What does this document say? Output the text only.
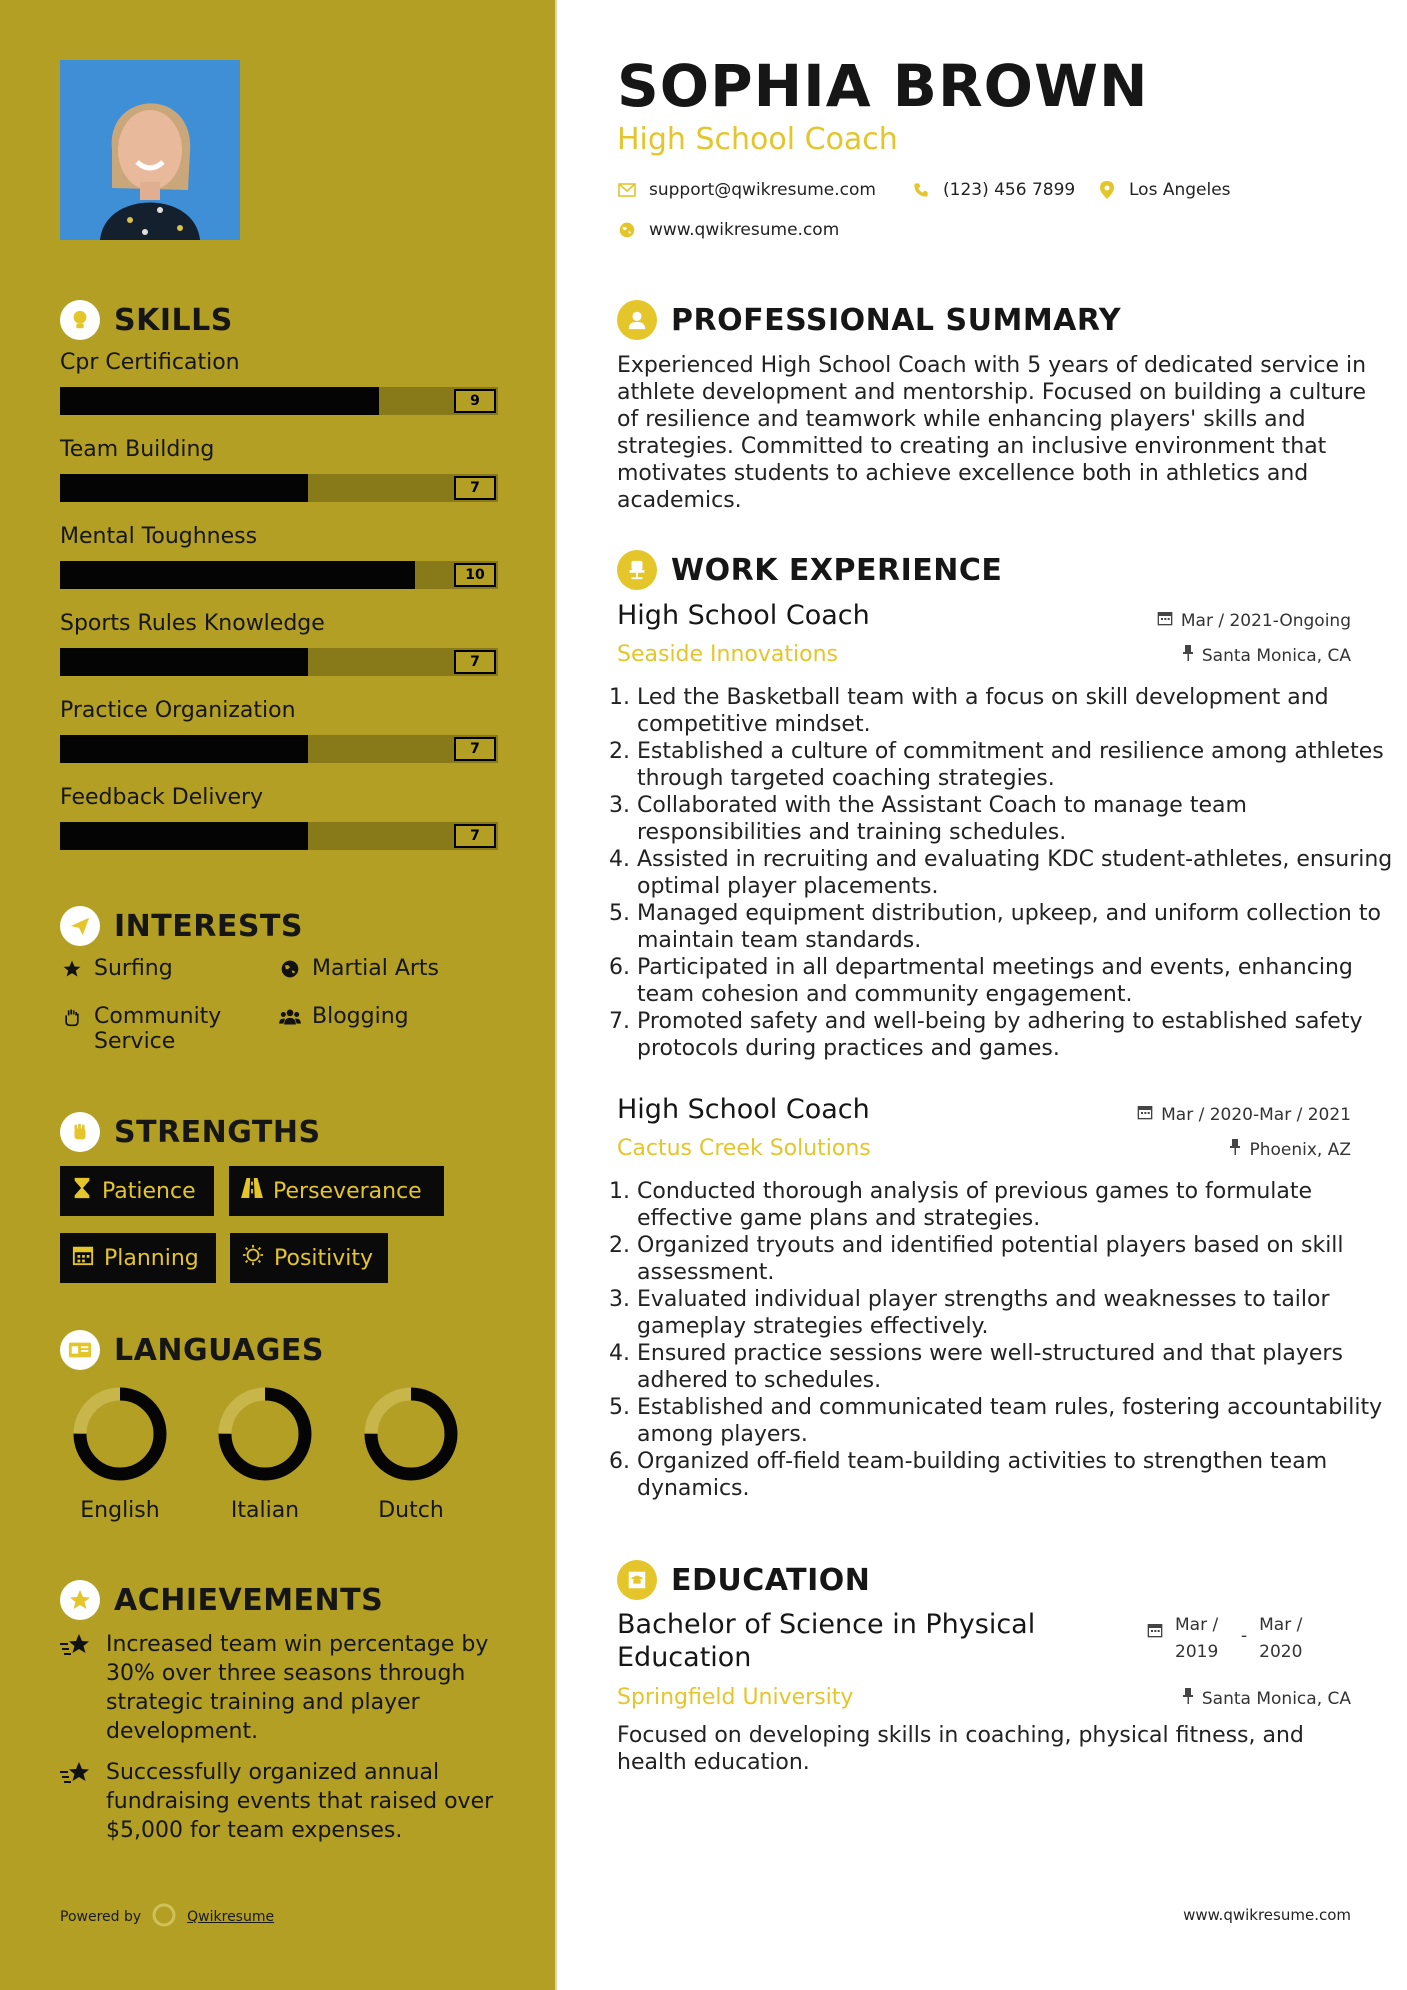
SKILLS
Cpr Certification
9
Team Building
7
Mental Toughness
10
Sports Rules Knowledge
7
Practice Organization
7
Feedback Delivery
7
INTERESTS
Surfing	Martial Arts
Community Service
Blogging
STRENGTHS
Patience	Perseverance
Planning	Positivity
LANGUAGES
English	Italian	Dutch
ACHIEVEMENTS
Increased team win percentage by 30% over three seasons through strategic training and player development.
Successfully organized annual fundraising events that raised over $5,000 for team expenses.
Powered by	Qwikresume
SOPHIA BROWN
High School Coach
support@qwikresume.com	(123) 456 7899	Los Angeles
www.qwikresume.com
PROFESSIONAL SUMMARY
Experienced High School Coach with 5 years of dedicated service in athlete development and mentorship. Focused on building a culture of resilience and teamwork while enhancing players' skills and strategies. Committed to creating an inclusive environment that motivates students to achieve excellence both in athletics and academics.
WORK EXPERIENCE
High School Coach	Mar / 2021-Ongoing
Seaside Innovations	Santa Monica, CA
1. Led the Basketball team with a focus on skill development and competitive mindset.
2. Established a culture of commitment and resilience among athletes through targeted coaching strategies.
3. Collaborated with the Assistant Coach to manage team responsibilities and training schedules.
4. Assisted in recruiting and evaluating KDC student-athletes, ensuring optimal player placements.
5. Managed equipment distribution, upkeep, and uniform collection to maintain team standards.
6. Participated in all departmental meetings and events, enhancing team cohesion and community engagement.
7. Promoted safety and well-being by adhering to established safety protocols during practices and games.
High School Coach	Mar / 2020-Mar / 2021
Cactus Creek Solutions	Phoenix, AZ
1. Conducted thorough analysis of previous games to formulate effective game plans and strategies.
2. Organized tryouts and identified potential players based on skill assessment.
3. Evaluated individual player strengths and weaknesses to tailor gameplay strategies effectively.
4. Ensured practice sessions were well-structured and that players adhered to schedules.
5. Established and communicated team rules, fostering accountability among players.
6. Organized off-field team-building activities to strengthen team dynamics.
EDUCATION
Bachelor of Science in Physical Education
Mar / 2019
-
Mar / 2020
Springfield University	Santa Monica, CA
Focused on developing skills in coaching, physical fitness, and health education.
www.qwikresume.com
